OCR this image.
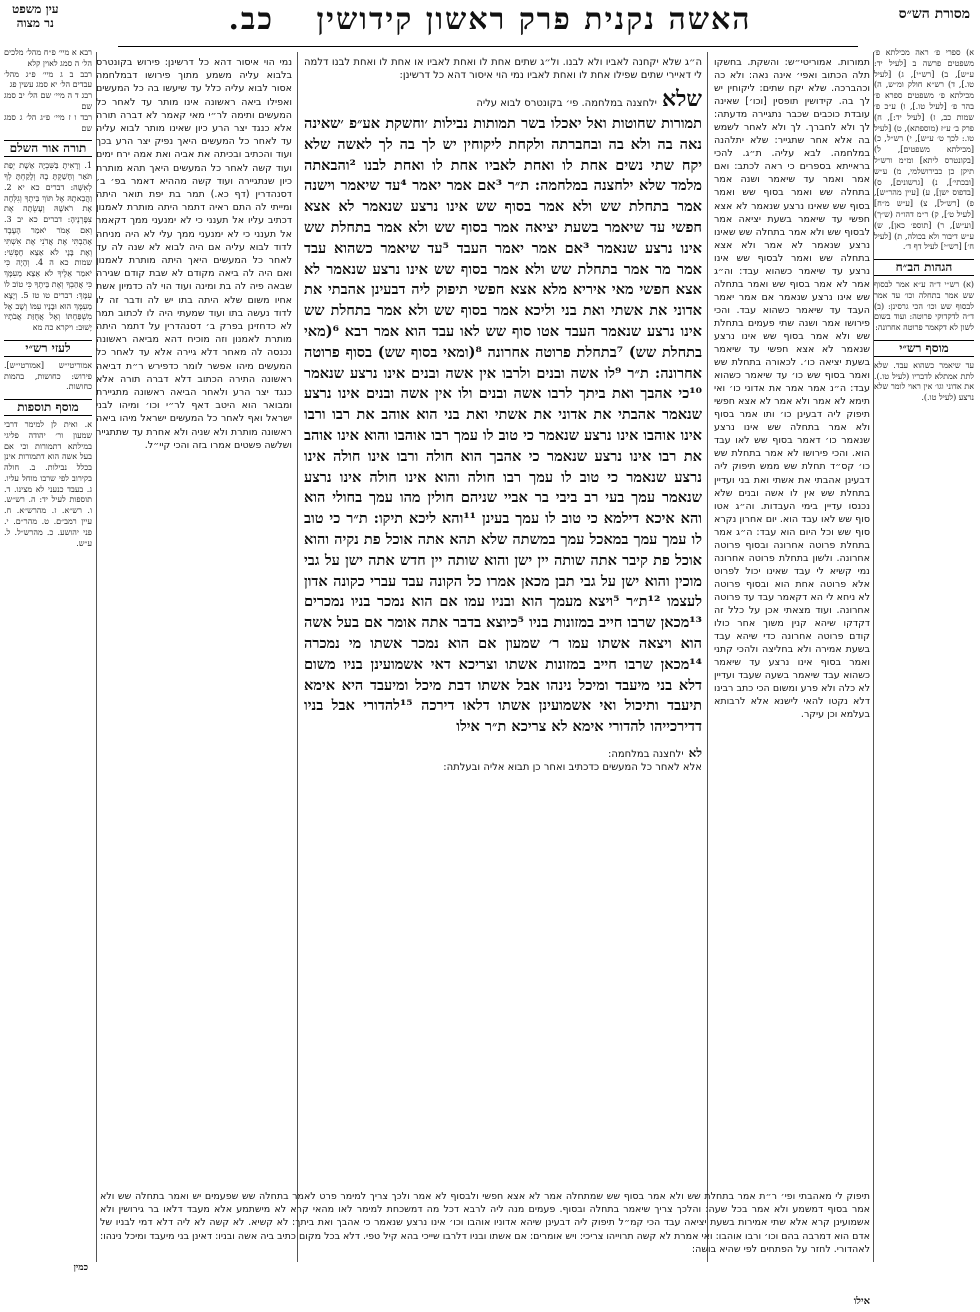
מסורת הש״ס
האשה נקנית פרק ראשון קידושין כב.
עין משפט
נר מצוה
א) ספרי פ׳ ראה מכילתא פ׳ משפטים פרשה ב [לעיל יד: ע״ש], ב) [רש״י], ג) [לעיל טו.], ד) רש״א חולק ומ״ש, ה) מכילתא פ׳ משפטים ספרא פ׳ בהר פ׳ [לעיל טו.], ו) ע״כ פ׳ שמות כב, ז) [לעיל יד:], ח) פרק ב׳ ע״ז (מוספתא), ט) [לעיל טו.: לכך ט׳ ע״ש], י) רש״ל, כ) [מכילתא משפטים], ל) [בקונטרס ליתא] ומ״מ ורש״ל תיקן כן כבירושלמי, מ) ע״ש [ובכתי׳], נ) [גרשונים], ס) [בדפוס ישן], ע) [עיין מהר״ש], פ) [רש״ל], צ) [ע״ש מ״ח] [לעיל ט׳], ק) ר״מ דהו״ה (ש״ך) [וע״ש], ר) [תוספ׳ כאן], ש) ע״ש דיבור ולא בכולה, ת) [לעיל ח׳] [רש״י] לעיל דף ד׳.
הגהות הב״ח
(א) רש״י ד״ה ע״א אמר לבסוף שש אמר בתחלה וכו׳ עד אמר לבסוף שש וכו׳ הכי גרסינן: (ב) ד״ה לדקדוקי פרוטה: ועוד בשום לשון לא דקאמר פרוטה אחרונה:
מוסף רש״י
עד שיאמר כשהוא עבד. שלא לתת אמתלא לדבריו (לעיל טו.). את אדוני וגו׳ אין ראוי לומר שלא נרצע (לעיל טו.).
תמורות. אמוריטי״ש: והשקת. בחשקו תלה הכתוב ואפי׳ אינה נאה: ולא כה וכהברכה. שלא יקח שתים: ליקוחין יש לך בה. קידושין תופסין [וכו׳] שאינה עובדת כוכבים שכבר נתגיירה מדעתה: לך ולא לחברך. לך ולא לאחר לשמש בה אלא אחר שתגייר: שלא יתלהנה במלחמה. לבא עליה. ת״ג. להכי בראייתא בספרים כי ראה לכתב: ואם אמר ואמר עד שיאמר ושנה אמר בתחלה שש ואמר בסוף שש ואמר בסוף שש שאינו נרצע שנאמר לא אצא חפשי עד שיאמר בשעת יציאה אמר לבסוף שש ולא אמר בתחלה שש שאינו נרצע שנאמר לא אמר ולא אצא בתחלה שש ואמר לבסוף שש אינו נרצע עד שיאמר כשהוא עבד: וה״ג אמר לא אמר בסוף שש ואמר בתחלה שש אינו נרצע שנאמר אם אמר יאמר העבד עד שיאמר כשהוא עבד. והכי פירושו אמר ושנה שתי פעמים בתחלת שש ולא אמר בסוף שש אינו נרצע שנאמר לא אצא חפשי עד שיאמר בשעת יציאה כו׳. לכאורה בתחלת שש ואמר בסוף שש כו׳ עד שיאמר כשהוא עבד: ה״נ אמר אמר את אדוני כו׳ ואי תימא לא אמר ולא אמר לא אצא חפשי תיפוק ליה דבעינן כו׳ ותו אמר בסוף ולא אמר בתחלה שש אינו נרצע שנאמר כו׳ דאמר בסוף שש לאו עבד הוא. והכי פירושו לא אמר בתחלת שש כו׳ קס״ד תחלת שש ממש תיפוק ליה דבעינן אהבתי את אשתי ואת בני ועדיין בתחלת שש אין לו אשה ובנים שלא נכנסו עדיין בימי העבדות. וה״ג אטו סוף שש לאו עבד הוא. יום אחרון נקרא סוף שש וכל היום הוא עבד: ה״ג אמר בתחלת פרוטה אחרונה ובסוף פרוטה אחרונה. ולשון בתחלת פרוטה אחרונה נמי קשיא לי עבד שאינו יכול לפרוט אלא פרוטה אחת הוא ובסוף פרוטה לא ניחא לי הא דקאמר עבד עד פרוטה אחרונה. ועוד מצאתי אכן על כלל זה דקדקו שיהא קנין משוך אחר כולו קודם פרוטה אחרונה כדי שיהא עבד בשעת אמירה ולא בחליצה ולהכי קתני ואמר בסוף אינו נרצע עד שיאמר כשהוא עבד שיאמר בשעה שעבד ועדיין לא כלה ולא פרע ומשום הכי כתב רבינו דלא נקטו להאי לישנא אלא לרבותא בעלמא וכן עיקר.
ה״ג שלא יקחנה לאביו ולא לבנו. ול״ג שתים אחת לו ואחת לאביו או אחת לו ואחת לבנו דלמה לי דאיירי שתים שפילו אחת לו ואחת לאביו נמי הוי איסור דהא כל דרשינן:
שלא ילחצנה במלחמה. פי׳ בקונטרס לבוא עליה
תמורות שחוטות ואל יאכלו בשר תמותות נבילות ׳וחשקת אע״פ ׳שאינה נאה בה ולא בה ובחברתה ולקחת ליקוחין יש לך בה לך לאשה שלא יקח שתי נשים אחת לו ואחת לאביו אחת לו ואחת לבנו ²והבאתה מלמד שלא ילחצנה במלחמה: ת״ר ³אם אמר יאמר ⁴עד שיאמר וישנה אמר בתחלת שש ולא אמר בסוף שש אינו נרצע שנאמר לא אצא חפשי עד שיאמר בשעת יציאה אמר בסוף שש ולא אמר בתחלת שש אינו נרצע שנאמר ³אם אמר יאמר העבד ⁵עד שיאמר כשהוא עבד אמר מר אמר בתחלת שש ולא אמר בסוף שש אינו נרצע שנאמר לא אצא חפשי מאי איריא מלא אצא חפשי תיפוק ליה דבעינן אהבתי את אדוני את אשתי ואת בני וליכא אמר בסוף שש ולא אמר בתחלת שש אינו נרצע שנאמר העבד אטו סוף שש לאו עבד הוא אמר רבא ⁶(מאי בתחלת שש) ⁷בתחלת פרוטה אחרונה ⁸(ומאי בסוף שש) בסוף פרוטה אחרונה: ת״ר ⁹לו אשה ובנים ולרבו אין אשה ובנים אינו נרצע שנאמר ¹⁰כי אהבך ואת ביתך לרבו אשה ובנים ולו אין אשה ובנים אינו נרצע שנאמר אהבתי את אדוני את אשתי ואת בני הוא אוהב את רבו ורבו אינו אוהבו אינו נרצע שנאמר כי טוב לו עמך רבו אוהבו והוא אינו אוהב את רבו אינו נרצע שנאמר כי אהבך הוא חולה ורבו אינו חולה אינו נרצע שנאמר כי טוב לו עמך רבו חולה והוא אינו חולה אינו נרצע שנאמר עמך בעי רב ביבי בר אביי שניהם חולין מהו עמך בחולי הוא והא איכא דילמא כי טוב לו עמך בעינן ¹¹והא ליכא תיקו: ת״ר כי טוב לו עמך עמך במאכל עמך במשתה שלא תהא אתה אוכל פת נקיה והוא אוכל פת קיבר אתה שותה יין ישן והוא שותה יין חדש אתה ישן על גבי מוכין והוא ישן על גבי תבן מכאן אמרו כל הקונה עבד עברי כקונה אדון לעצמו ¹²ת״ר ⁵ויצא מעמך הוא ובניו עמו אם הוא נמכר בניו נמכרים ¹³מכאן שרבו חייב במזונות בניו ⁵כיוצא בדבר אתה אומר אם בעל אשה הוא ויצאה אשתו עמו ר׳ שמעון אם הוא נמכר אשתו מי נמכרה ¹⁴מכאן שרבו חייב במזונות אשתו וצריכא דאי אשמועינן בניו משום דלא בני מיעבד ומיכל נינהו אבל אשתו דבת מיכל ומיעבד היא אימא תיעבד ותיכול ואי אשמועינן אשתו דלאו דירכה ¹⁵להדורי אבל בניו דדירכייהו להדורי אימא לא צריכא ת״ר אילו
לא ילחצנה במלחמה:
אלא לאחר כל המעשים כדכתיב ואחר כן תבוא אליה ובעלתה:
נמי הוי איסור דהא כל דרשינן: פירוש בקונטרס בלבוא עליה משמע מתוך פירושו דבמלחמה אסור לבוא עליה כלל עד שיעשו בה כל המעשים ואפילו ביאה ראשונה אינו מותר עד לאחר כל המעשים ותימה לר״י מאי קאמר לא דברה תורה אלא כנגד יצר הרע כיון שאינו מותר לבוא עליה עד לאחר כל המעשים היאך נפיק יצר הרע בכך ועוד והכתיב ובכיתה את אביה ואת אמה ירח ימים ועוד קשה לאחר כל המעשים היאך תהא מותרת כיון שנתגיירה ועוד קשה מההיא דאמר בפ׳ ב׳ דסנהדרין (דף כא.) תמר בת יפת תואר היתה ומייתי לה התם ראיה דתמר היתה מותרת לאמנון דכתיב עליו אל תענני כי לא ימנעני ממך דקאמר אל תענני כי לא ימנעני ממך עלי לא היה מניחה לדוד לבוא עליה אם היה לבוא לא שנה לה עד לאחר כל המעשים היאך היתה מותרת לאמנון ואם היה לה ביאה מקודם לא שבת קודם שגירה שבאה פיה לה בת ומינה ועוד הוי לה כדמיון אשת אחיו משום שלא היתה בתו יש לה ודבר זה לו לדוד נעשה בתו ועוד שמעתי היה לו לכתוב תמר לא כדחזינן בפרק ב׳ דסנהדרין על דתמר היתה מותרת לאמנון וזה מוכיח דהא מביאה ראשונה נכנסה לה מאחר דלא גיירה אלא עד לאחר כל המעשים מיהו אפשר לומר כדפירש ר״ת דביאה ראשונה התירה הכתוב דלא דברה תורה אלא כנגד יצר הרע ולאחר הביאה ראשונה מתגיירת ומבואר הוא היטב דאף לר״י וכו׳ ומיהו לבני ישראל ואף לאחר כל המעשים ישראל מיהו ביאה ראשונה מותרת ולא שניה ולא אחרת עד שתתגייר ושלשה פשטים אמרו בזה והכי קיי״ל.
רבא א מיי׳ פ״ח מהל׳ מלכים הל׳ ה סמג לאוין קלא
רבב ב ג מיי׳ פ״ג מהל׳ עבדים הל׳ יא סמג עשין פג
רבג ד ה מיי׳ שם הל׳ יב סמג שם
רבד ו ז מיי׳ פ״ג הל׳ ג סמג שם
תורה אור השלם
1. וְרָאִיתָ בַּשִּׁבְיָה אֵשֶׁת יְפַת תֹּאַר וְחָשַׁקְתָּ בָהּ וְלָקַחְתָּ לְךָ לְאִשָּׁה: דברים כא יא 2. וַהֲבֵאתָהּ אֶל תּוֹךְ בֵּיתֶךָ וְגִלְּחָה אֶת רֹאשָׁהּ וְעָשְׂתָה אֶת צִפָּרְנֶיהָ: דברים כא יב 3. וְאִם אָמֹר יֹאמַר הָעֶבֶד אָהַבְתִּי אֶת אֲדֹנִי אֶת אִשְׁתִּי וְאֶת בָּנָי לֹא אֵצֵא חָפְשִׁי: שמות כא ה 4. וְהָיָה כִּי יֹאמַר אֵלֶיךָ לֹא אֵצֵא מֵעִמָּךְ כִּי אֲהֵבְךָ וְאֶת בֵּיתֶךָ כִּי טוֹב לוֹ עִמָּךְ: דברים טו טז 5. וְיָצָא מֵעִמָּךְ הוּא וּבָנָיו עִמּוֹ וְשָׁב אֶל מִשְׁפַּחְתּוֹ וְאֶל אֲחֻזַּת אֲבֹתָיו יָשׁוּב: ויקרא כה מא
לעזי רש״י
אמוריטי״ש [אמורטי״ש]. פירוש: כחושות, בהמות כחושות.
מוסף תוספות
א. ואית לן למימר דרבי שמעון ור׳ יהודה פליגי במילתא דתמורות וכי אם בעל אשה הוא דתמורות אינן בכלל נבילות. ב. חולה בקירוב לפי שרבו מוחל עליו. ג. בעבד כנעני לא מצינו. ד. תוספות לעיל יד: ה. רש״ש. ו. רש״א. ז. מהרש״א. ח. עיין רמב״ם. ט. מהר״ם. י. פני יהושע. כ. מהרש״ל. ל. ע״ש.
תיפוק לי מאהבתי ופי׳ ר״ת אמר בתחלת שש ולא אמר בסוף שש שמתחלה אמר לא אצא חפשי ולבסוף לא אמר ולכך צריך למימר פרט לאמר בתחלה שש שפעמים יש ואמר בתחלה שש ולא אמר בסוף דמשמע ולא אמר בכל שעה: והלכך צריך שיאמר בתחלה ובסוף. פעמים מנה ליה לרבא דכל מה דמשכחת למימר לאו מהאי קרא לא מישתמע אלא מעבד דלאו בר גירושין ולא אשמועינן קרא אלא שתי אמירות בשעת יציאה עבד הכי קמ״ל תיפוק ליה דבעינן שיהא אדוניו אוהבו וכו׳ אינו נרצע שנאמר כי אהבך ואת ביתך: לא קשיא. לא קשה לא ליה דלא דמי לבניו של אדם הוא דמרבה בהם וכו׳ ורבו אוהבו: ואי אמרת לא קשה תרוייהו צריכי: ויש אומרים: אם אשתו ובניו דלרבו שייכי בהא קיל טפי. דלא בכל מקום כתיב ביה אשה ובניו: דאינן בני מיעבד ומיכל נינהו: לאהדורי. לחזר על הפתחים לפי שהיא בושה:
כמין
אילו
